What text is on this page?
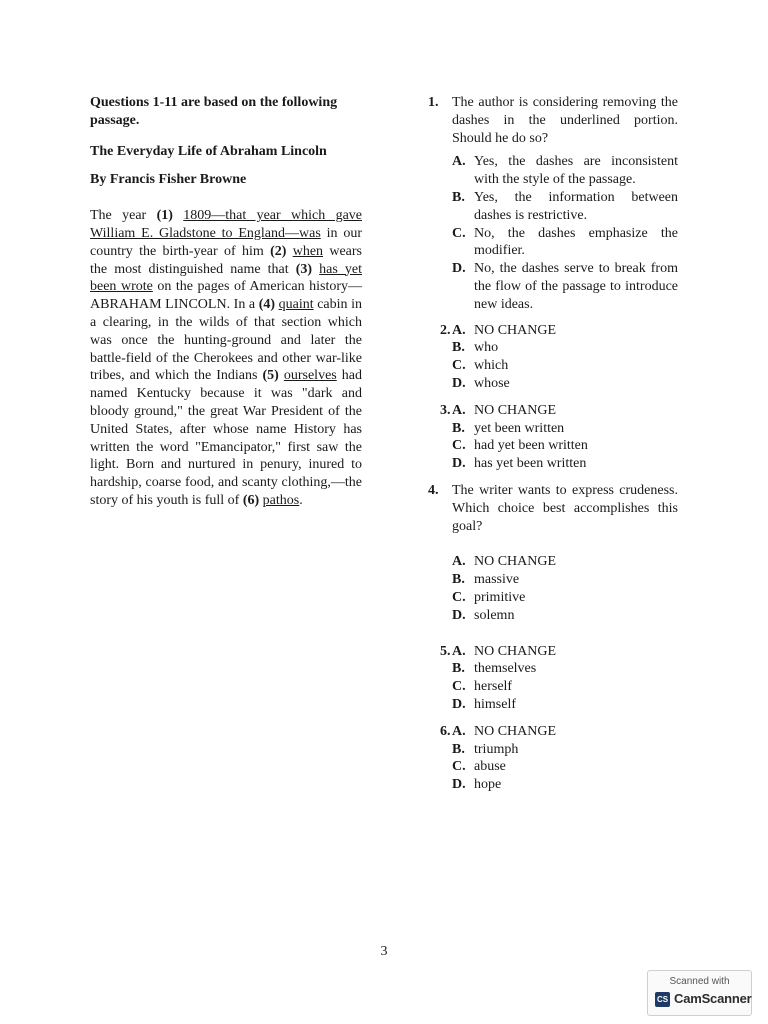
Questions 1-11 are based on the following passage.

The Everyday Life of Abraham Lincoln

By Francis Fisher Browne

The year (1) 1809—that year which gave William E. Gladstone to England—was in our country the birth-year of him (2) when wears the most distinguished name that (3) has yet been wrote on the pages of American history—ABRAHAM LINCOLN. In a (4) quaint cabin in a clearing, in the wilds of that section which was once the hunting-ground and later the battle-field of the Cherokees and other war-like tribes, and which the Indians (5) ourselves had named Kentucky because it was "dark and bloody ground," the great War President of the United States, after whose name History has written the word "Emancipator," first saw the light. Born and nurtured in penury, inured to hardship, coarse food, and scanty clothing,—the story of his youth is full of (6) pathos.
1. The author is considering removing the dashes in the underlined portion. Should he do so?
A. Yes, the dashes are inconsistent with the style of the passage.
B. Yes, the information between dashes is restrictive.
C. No, the dashes emphasize the modifier.
D. No, the dashes serve to break from the flow of the passage to introduce new ideas.
2. A. NO CHANGE
B. who
C. which
D. whose
3. A. NO CHANGE
B. yet been written
C. had yet been written
D. has yet been written
4. The writer wants to express crudeness. Which choice best accomplishes this goal?
A. NO CHANGE
B. massive
C. primitive
D. solemn
5. A. NO CHANGE
B. themselves
C. herself
D. himself
6. A. NO CHANGE
B. triumph
C. abuse
D. hope
3
Scanned with
CS CamScanner
